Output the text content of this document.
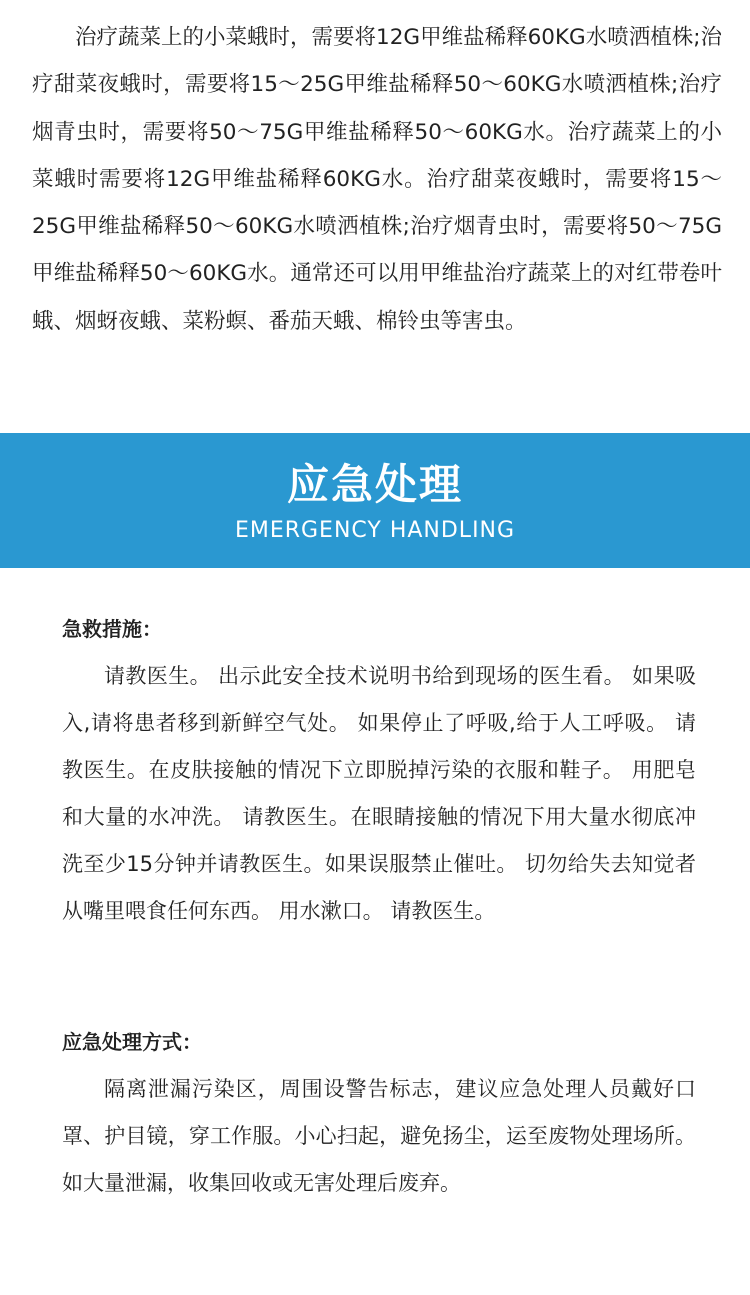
治疗蔬菜上的小菜蛾时，需要将12G甲维盐稀释60KG水喷洒植株;治疗甜菜夜蛾时，需要将15～25G甲维盐稀释50～60KG水喷洒植株;治疗烟青虫时，需要将50～75G甲维盐稀释50～60KG水。治疗蔬菜上的小菜蛾时需要将12G甲维盐稀释60KG水。治疗甜菜夜蛾时，需要将15～25G甲维盐稀释50～60KG水喷洒植株;治疗烟青虫时，需要将50～75G甲维盐稀释50～60KG水。通常还可以用甲维盐治疗蔬菜上的对红带卷叶蛾、烟蚜夜蛾、菜粉螟、番茄天蛾、棉铃虫等害虫。

应急处理
EMERGENCY HANDLING
急救措施：

请教医生。 出示此安全技术说明书给到现场的医生看。 如果吸入,请将患者移到新鲜空气处。 如果停止了呼吸,给于人工呼吸。 请教医生。在皮肤接触的情况下立即脱掉污染的衣服和鞋子。 用肥皂和大量的水冲洗。 请教医生。在眼睛接触的情况下用大量水彻底冲洗至少15分钟并请教医生。如果误服禁止催吐。 切勿给失去知觉者从嘴里喂食任何东西。 用水漱口。 请教医生。

应急处理方式：

隔离泄漏污染区，周围设警告标志，建议应急处理人员戴好口罩、护目镜，穿工作服。小心扫起，避免扬尘，运至废物处理场所。如大量泄漏，收集回收或无害处理后废弃。
